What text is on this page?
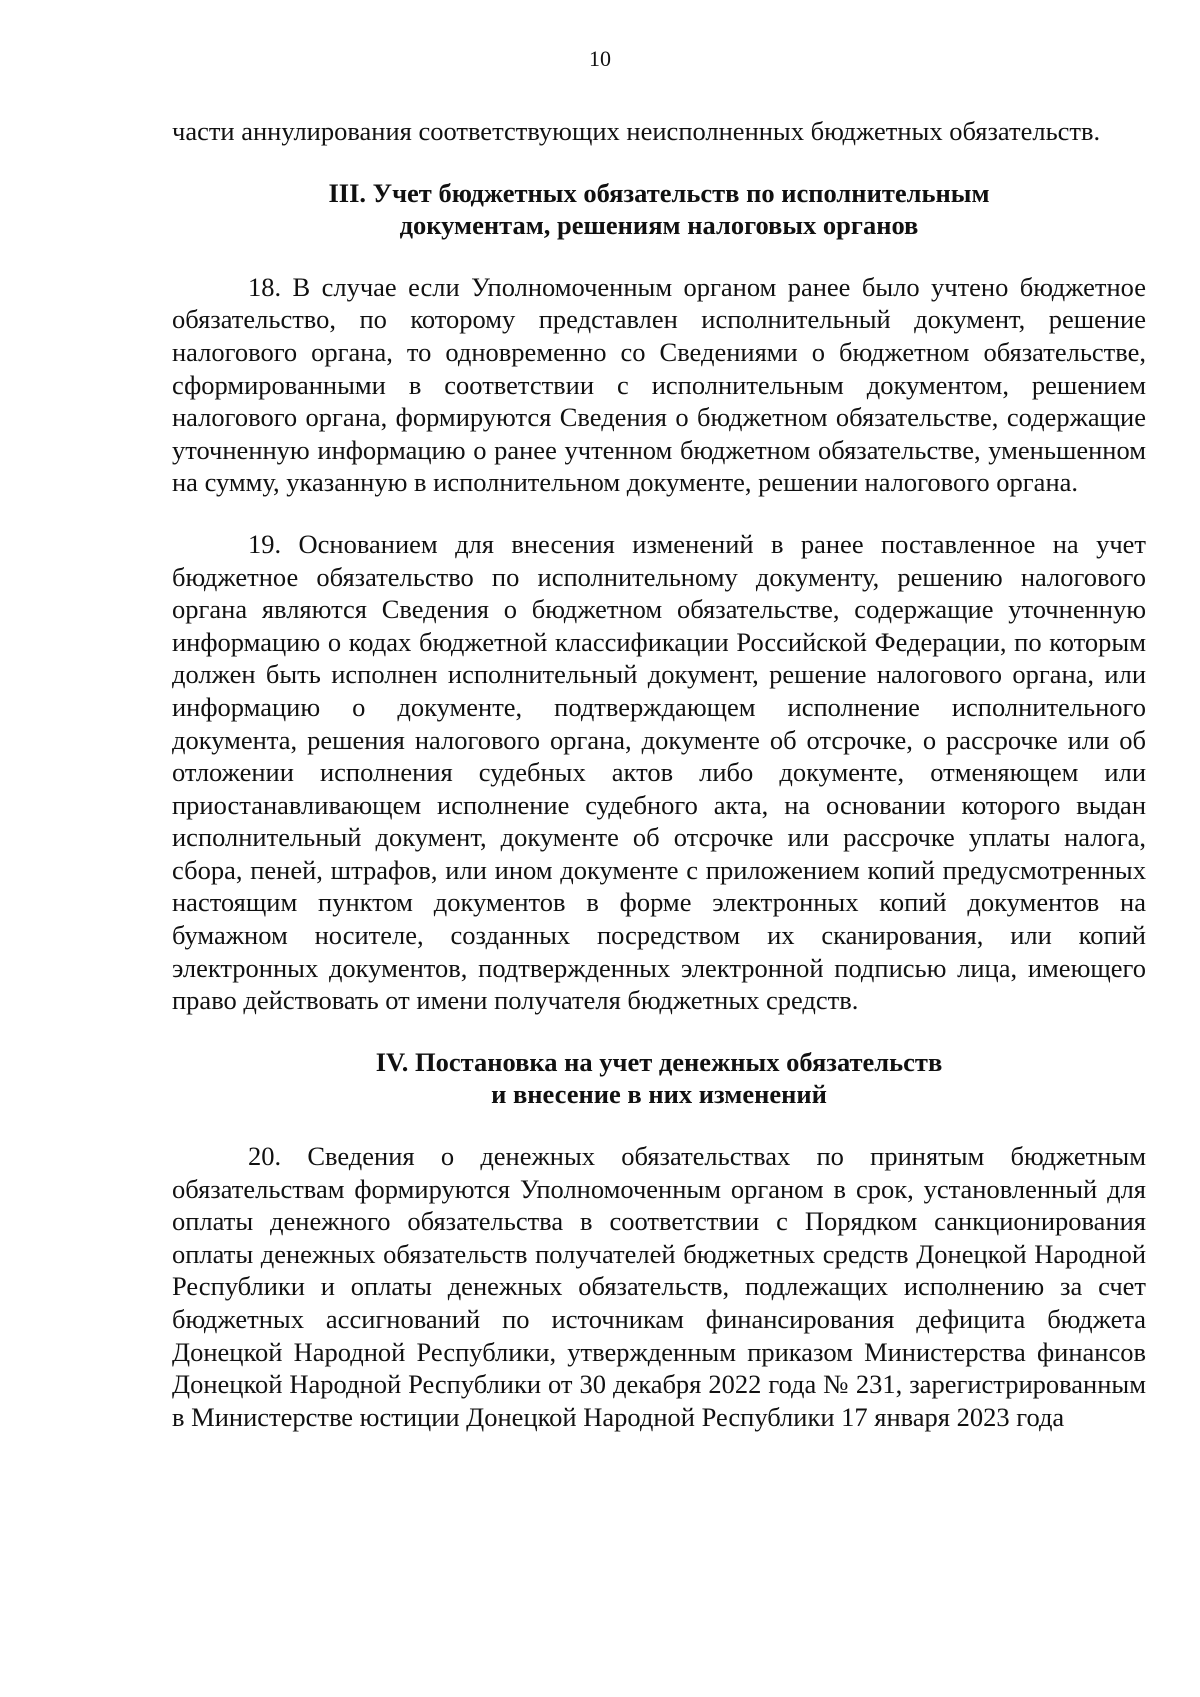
10

части аннулирования соответствующих неисполненных бюджетных обязательств.

III. Учет бюджетных обязательств по исполнительным
документам, решениям налоговых органов

18. В случае если Уполномоченным органом ранее было учтено бюджетное обязательство, по которому представлен исполнительный документ, решение налогового органа, то одновременно со Сведениями о бюджетном обязательстве, сформированными в соответствии с исполнительным документом, решением налогового органа, формируются Сведения о бюджетном обязательстве, содержащие уточненную информацию о ранее учтенном бюджетном обязательстве, уменьшенном на сумму, указанную в исполнительном документе, решении налогового органа.

19. Основанием для внесения изменений в ранее поставленное на учет бюджетное обязательство по исполнительному документу, решению налогового органа являются Сведения о бюджетном обязательстве, содержащие уточненную информацию о кодах бюджетной классификации Российской Федерации, по которым должен быть исполнен исполнительный документ, решение налогового органа, или информацию о документе, подтверждающем исполнение исполнительного документа, решения налогового органа, документе об отсрочке, о рассрочке или об отложении исполнения судебных актов либо документе, отменяющем или приостанавливающем исполнение судебного акта, на основании которого выдан исполнительный документ, документе об отсрочке или рассрочке уплаты налога, сбора, пеней, штрафов, или ином документе с приложением копий предусмотренных настоящим пунктом документов в форме электронных копий документов на бумажном носителе, созданных посредством их сканирования, или копий электронных документов, подтвержденных электронной подписью лица, имеющего право действовать от имени получателя бюджетных средств.

IV. Постановка на учет денежных обязательств
и внесение в них изменений

20. Сведения о денежных обязательствах по принятым бюджетным обязательствам формируются Уполномоченным органом в срок, установленный для оплаты денежного обязательства в соответствии с Порядком санкционирования оплаты денежных обязательств получателей бюджетных средств Донецкой Народной Республики и оплаты денежных обязательств, подлежащих исполнению за счет бюджетных ассигнований по источникам финансирования дефицита бюджета Донецкой Народной Республики, утвержденным приказом Министерства финансов Донецкой Народной Республики от 30 декабря 2022 года № 231, зарегистрированным в Министерстве юстиции Донецкой Народной Республики 17 января 2023 года
